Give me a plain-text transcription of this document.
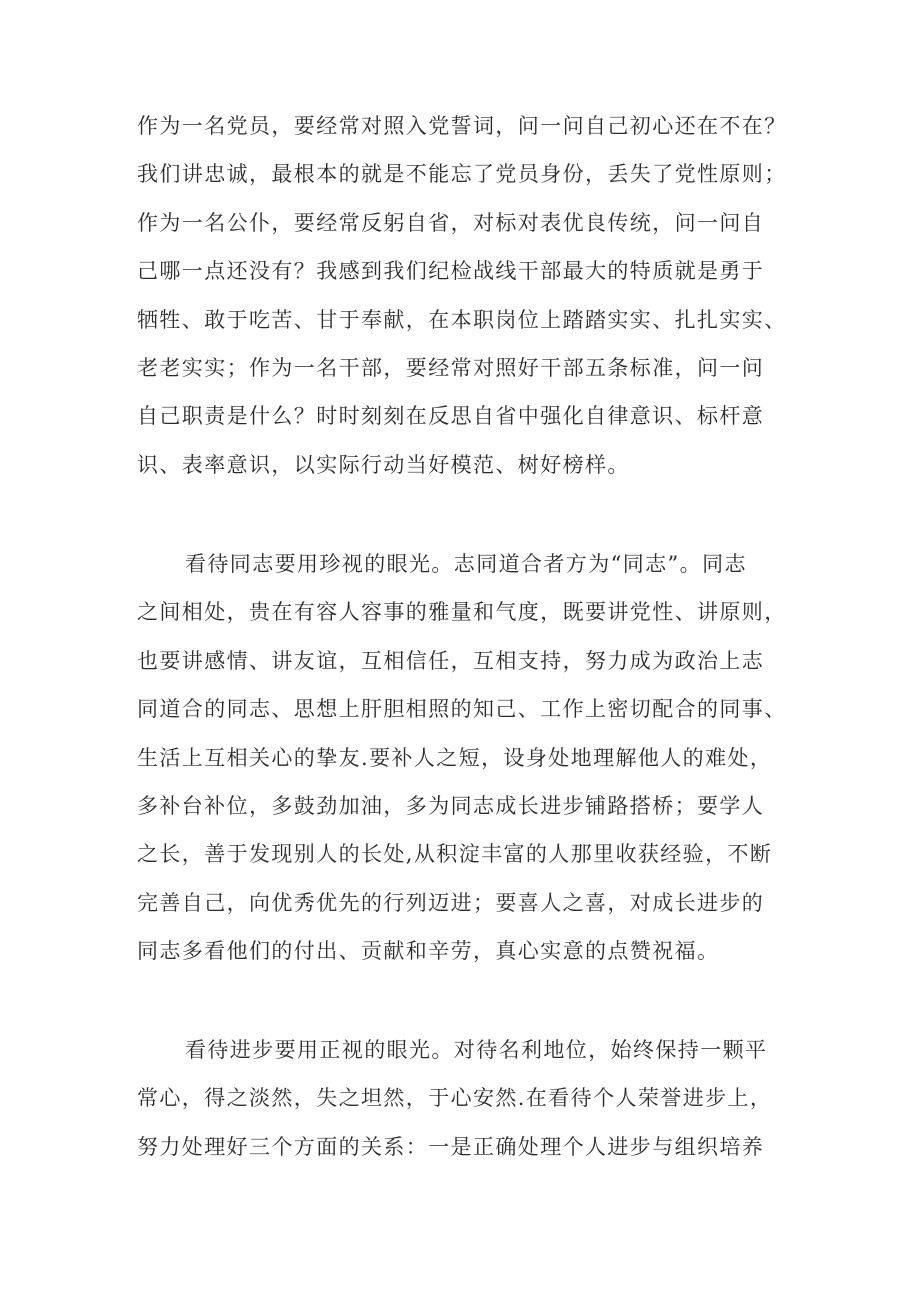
作为一名党员，要经常对照入党誓词，问一问自己初心还在不在？
我们讲忠诚，最根本的就是不能忘了党员身份，丢失了党性原则；
作为一名公仆，要经常反躬自省，对标对表优良传统，问一问自
己哪一点还没有？我感到我们纪检战线干部最大的特质就是勇于
牺牲、敢于吃苦、甘于奉献，在本职岗位上踏踏实实、扎扎实实、
老老实实；作为一名干部，要经常对照好干部五条标准，问一问
自己职责是什么？时时刻刻在反思自省中强化自律意识、标杆意
识、表率意识，以实际行动当好模范、树好榜样。
看待同志要用珍视的眼光。志同道合者方为“同志”。同志
之间相处，贵在有容人容事的雅量和气度，既要讲党性、讲原则，
也要讲感情、讲友谊，互相信任，互相支持，努力成为政治上志
同道合的同志、思想上肝胆相照的知己、工作上密切配合的同事、
生活上互相关心的挚友.要补人之短，设身处地理解他人的难处，
多补台补位，多鼓劲加油，多为同志成长进步铺路搭桥；要学人
之长，善于发现别人的长处,从积淀丰富的人那里收获经验，不断
完善自己，向优秀优先的行列迈进；要喜人之喜，对成长进步的
同志多看他们的付出、贡献和辛劳，真心实意的点赞祝福。
看待进步要用正视的眼光。对待名利地位，始终保持一颗平
常心，得之淡然，失之坦然，于心安然.在看待个人荣誉进步上，
努力处理好三个方面的关系：一是正确处理个人进步与组织培养
